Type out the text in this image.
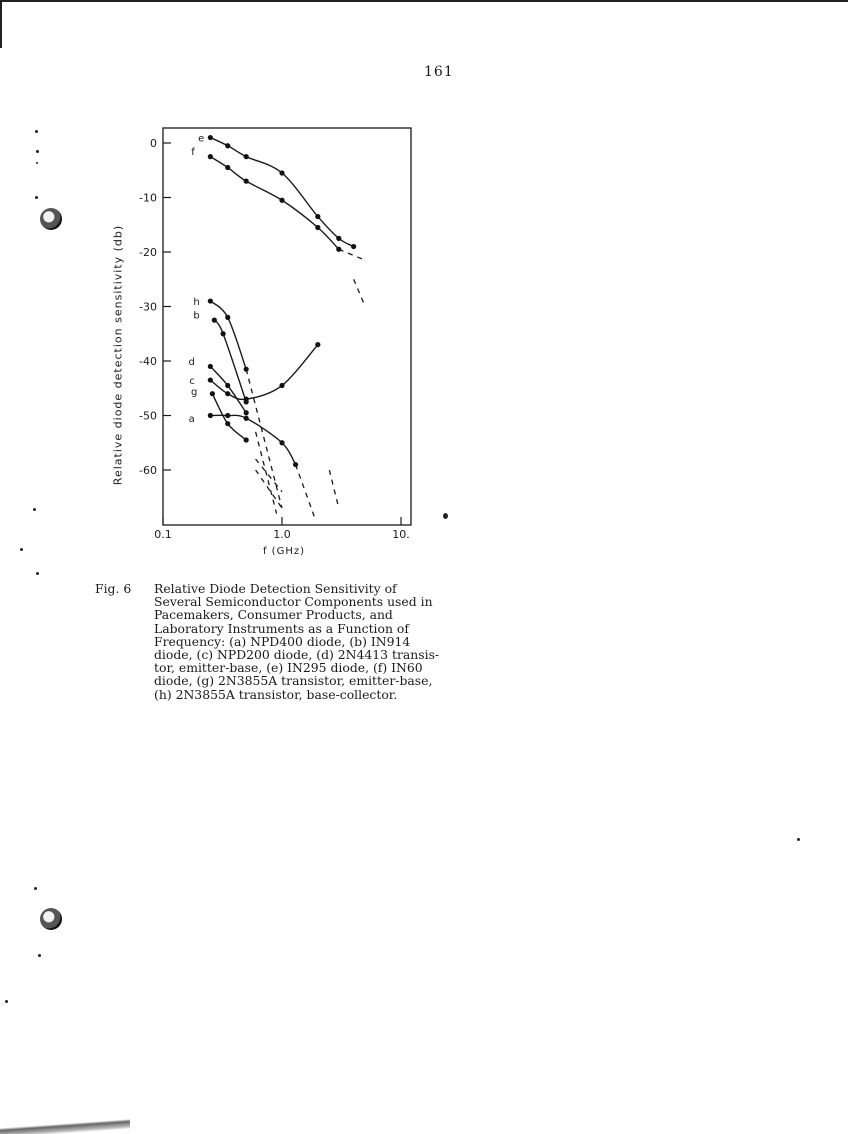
161
0
-10
-20
-30
-40
-50
-60
0.1	1.0	10.
e
f
h
b
d
c
g
a
Relative diode detection sensitivity (db)
f (GHz)
Fig. 6 Relative Diode Detection Sensitivity of
Several Semiconductor Components used in
Pacemakers, Consumer Products, and
Laboratory Instruments as a Function of
Frequency: (a) NPD400 diode, (b) IN914
diode, (c) NPD200 diode, (d) 2N4413 transis-
tor, emitter-base, (e) IN295 diode, (f) IN60
diode, (g) 2N3855A transistor, emitter-base,
(h) 2N3855A transistor, base-collector.
